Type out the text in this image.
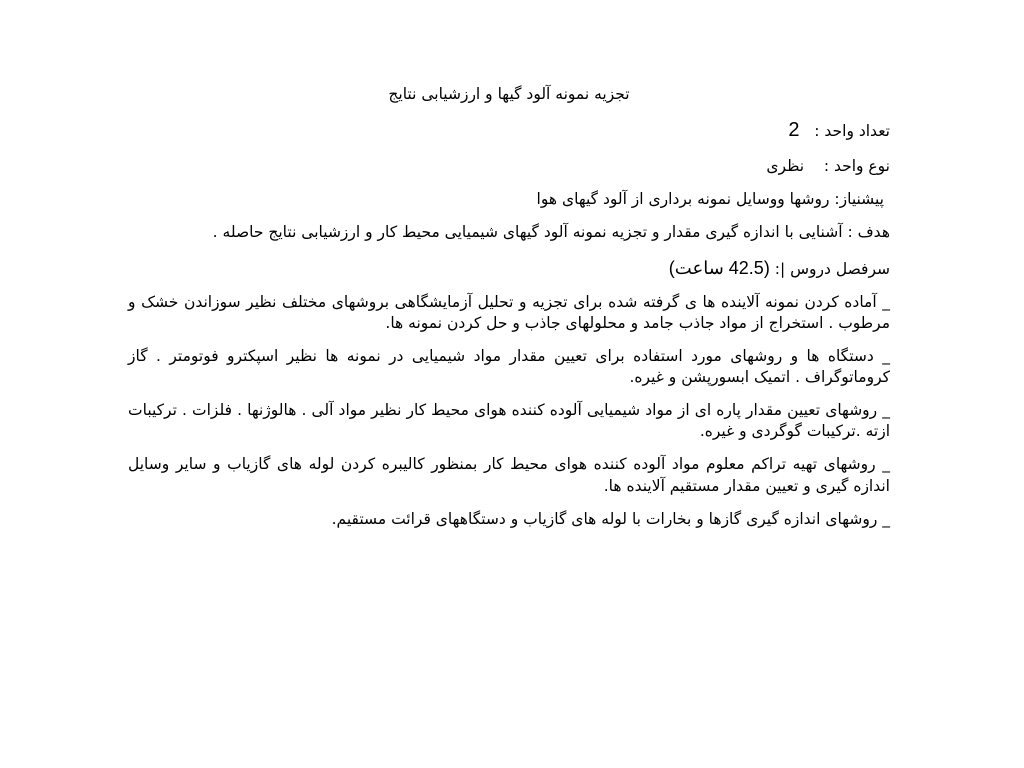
تجزیه نمونه آلود گیها و ارزشیابی نتایج
تعداد واحد :   2
نوع واحد :    نظری
پیشنیاز: روشها ووسایل نمونه برداری از آلود گیهای هوا
هدف : آشنایی با اندازه گیری مقدار و تجزیه نمونه آلود گیهای شیمیایی محیط کار و ارزشیابی نتایج حاصله .
سرفصل دروس |: (42.5 ساعت)
_ آماده کردن نمونه آلاینده ها ی گرفته شده برای تجزیه و تحلیل آزمایشگاهی بروشهای مختلف نظیر سوزاندن خشک و مرطوب . استخراج از مواد جاذب جامد و محلولهای جاذب و حل کردن نمونه ها.
_ دستگاه ها و روشهای مورد استفاده برای تعیین مقدار مواد شیمیایی در نمونه ها نظیر اسپکترو فوتومتر . گاز کروماتوگراف . اتمیک ابسورپشن و غیره.
_ روشهای تعیین مقدار پاره ای از مواد شیمیایی آلوده کننده هوای محیط کار نظیر مواد آلی . هالوژنها . فلزات . ترکیبات ازته .ترکیبات گوگردی و غیره.
_ روشهای تهیه تراکم معلوم مواد آلوده کننده هوای محیط کار بمنظور کالیبره کردن لوله های گازیاب و سایر وسایل اندازه گیری و تعیین مقدار مستقیم آلاینده ها.
_ روشهای اندازه گیری گازها و بخارات با لوله های گازیاب و دستگاههای قرائت مستقیم.
